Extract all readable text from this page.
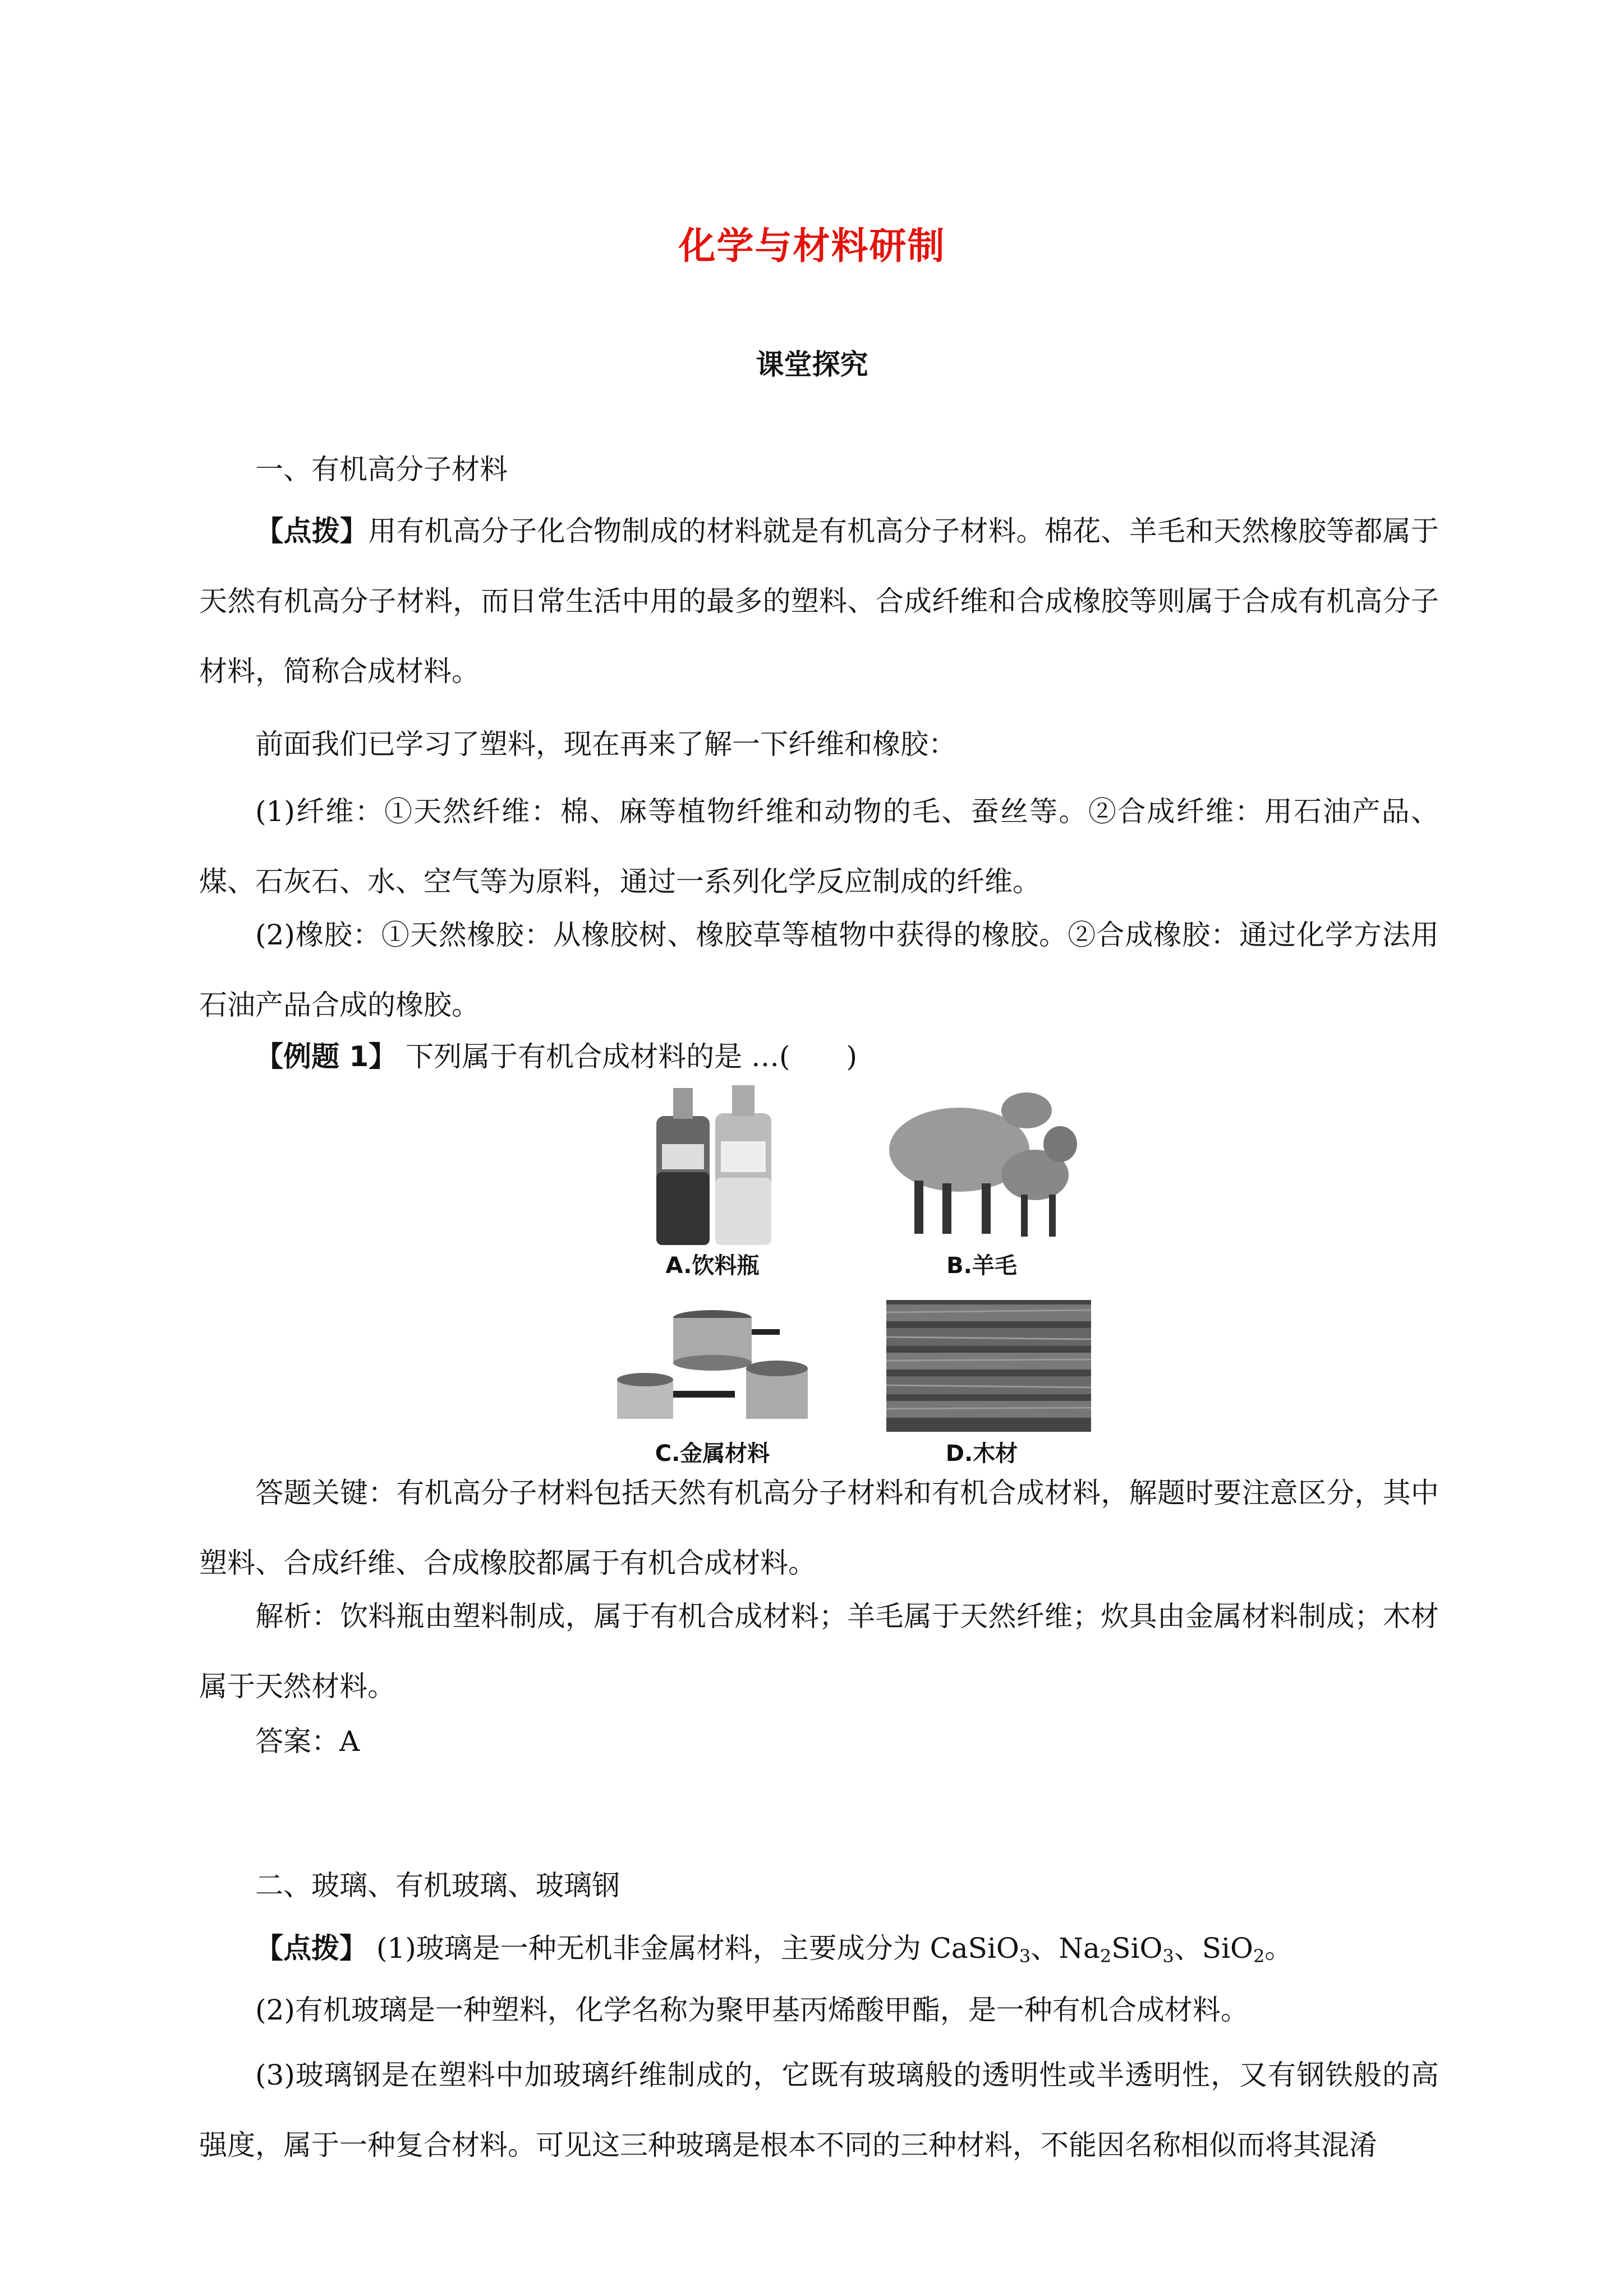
化学与材料研制
课堂探究

一、有机高分子材料

【点拨】用有机高分子化合物制成的材料就是有机高分子材料。棉花、羊毛和天然橡胶等都属于天然有机高分子材料，而日常生活中用的最多的塑料、合成纤维和合成橡胶等则属于合成有机高分子材料，简称合成材料。

前面我们已学习了塑料，现在再来了解一下纤维和橡胶：

(1)纤维：①天然纤维：棉、麻等植物纤维和动物的毛、蚕丝等。②合成纤维：用石油产品、煤、石灰石、水、空气等为原料，通过一系列化学反应制成的纤维。

(2)橡胶：①天然橡胶：从橡胶树、橡胶草等植物中获得的橡胶。②合成橡胶：通过化学方法用石油产品合成的橡胶。

【例题 1】 下列属于有机合成材料的是 …(　　)

A.饮料瓶	B.羊毛
C.金属材料	D.木材

答题关键：有机高分子材料包括天然有机高分子材料和有机合成材料，解题时要注意区分，其中塑料、合成纤维、合成橡胶都属于有机合成材料。

解析：饮料瓶由塑料制成，属于有机合成材料；羊毛属于天然纤维；炊具由金属材料制成；木材属于天然材料。

答案：A

二、玻璃、有机玻璃、玻璃钢

【点拨】 (1)玻璃是一种无机非金属材料，主要成分为 CaSiO$_3$、$Na_2SiO_3$、SiO$_2$。

(2)有机玻璃是一种塑料，化学名称为聚甲基丙烯酸甲酯，是一种有机合成材料。

(3)玻璃钢是在塑料中加玻璃纤维制成的，它既有玻璃般的透明性或半透明性，又有钢铁般的高强度，属于一种复合材料。可见这三种玻璃是根本不同的三种材料，不能因名称相似而将其混淆
